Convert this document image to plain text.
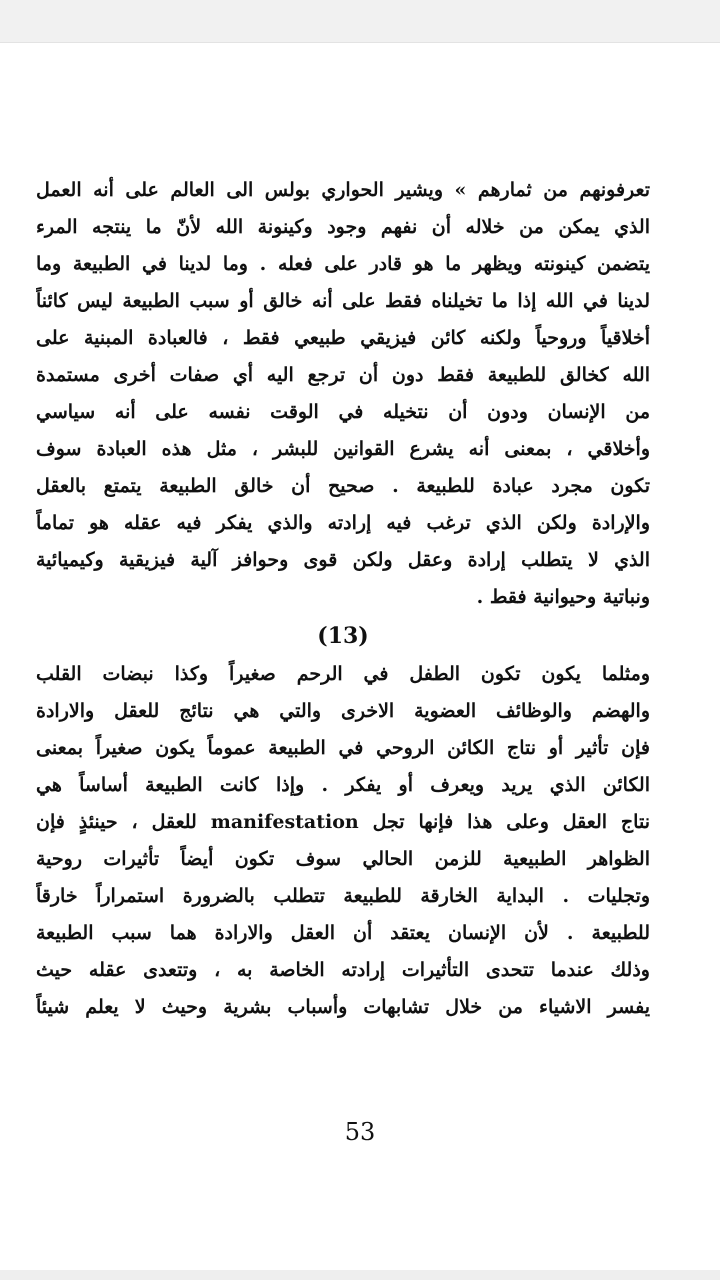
تعرفونهم من ثمارهم » ويشير الحواري بولس الى العالم على أنه العمل
الذي يمكن من خلاله أن نفهم وجود وكينونة الله لأنّ ما ينتجه المرء
يتضمن كينونته ويظهر ما هو قادر على فعله . وما لدينا في الطبيعة وما
لدينا في الله إذا ما تخيلناه فقط على أنه خالق أو سبب الطبيعة ليس كائناً
أخلاقياً وروحياً ولكنه كائن فيزيقي طبيعي فقط ، فالعبادة المبنية على
الله كخالق للطبيعة فقط دون أن ترجع اليه أي صفات أخرى مستمدة
من الإنسان ودون أن نتخيله في الوقت نفسه على أنه سياسي
وأخلاقي ، بمعنى أنه يشرع القوانين للبشر ، مثل هذه العبادة سوف
تكون مجرد عبادة للطبيعة . صحيح أن خالق الطبيعة يتمتع بالعقل
والإرادة ولكن الذي ترغب فيه إرادته والذي يفكر فيه عقله هو تماماً
الذي لا يتطلب إرادة وعقل ولكن قوى وحوافز آلية فيزيقية وكيميائية
ونباتية وحيوانية فقط .
(13)
ومثلما يكون تكون الطفل في الرحم صغيراً وكذا نبضات القلب
والهضم والوظائف العضوية الاخرى والتي هي نتائج للعقل والارادة
فإن تأثير أو نتاج الكائن الروحي في الطبيعة عموماً يكون صغيراً بمعنى
الكائن الذي يريد ويعرف أو يفكر . وإذا كانت الطبيعة أساساً هي
نتاج العقل وعلى هذا فإنها تجل manifestation للعقل ، حينئذٍ فإن
الظواهر الطبيعية للزمن الحالي سوف تكون أيضاً تأثيرات روحية
وتجليات . البداية الخارقة للطبيعة تتطلب بالضرورة استمراراً خارقاً
للطبيعة . لأن الإنسان يعتقد أن العقل والارادة هما سبب الطبيعة
وذلك عندما تتحدى التأثيرات إرادته الخاصة به ، وتتعدى عقله حيث
يفسر الاشياء من خلال تشابهات وأسباب بشرية وحيث لا يعلم شيئاً
53
